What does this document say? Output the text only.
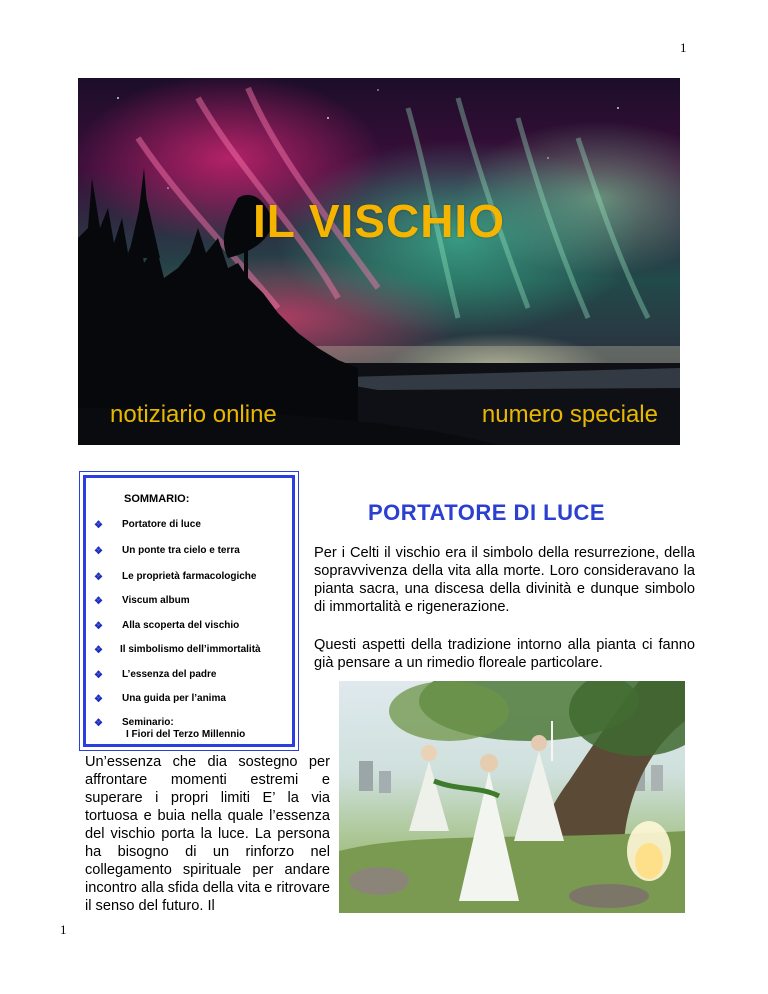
1
IL VISCHIO
notiziario online	numero speciale
SOMMARIO:
❖ Portatore di luce
❖ Un ponte tra cielo e terra
❖ Le proprietà farmacologiche
❖ Viscum album
❖ Alla scoperta del vischio
❖ Il simbolismo dell’immortalità
❖ L’essenza del padre
❖ Una guida per l’anima
❖ Seminario:
I Fiori del Terzo Millennio
PORTATORE DI LUCE

Per i Celti il vischio era il simbolo della resurrezione, della sopravvivenza della vita alla morte. Loro consideravano la pianta sacra, una discesa della divinità e dunque simbolo di immortalità e rigenerazione.

Questi aspetti della tradizione intorno alla pianta ci fanno già pensare a un rimedio floreale particolare.

Un’essenza che dia sostegno per affrontare momenti estremi e superare i propri limiti E’ la via tortuosa e buia nella quale l’essenza del vischio porta la luce. La persona ha bisogno di un rinforzo nel collegamento spirituale per andare incontro alla sfida della vita e ritrovare il senso del futuro. Il

1
